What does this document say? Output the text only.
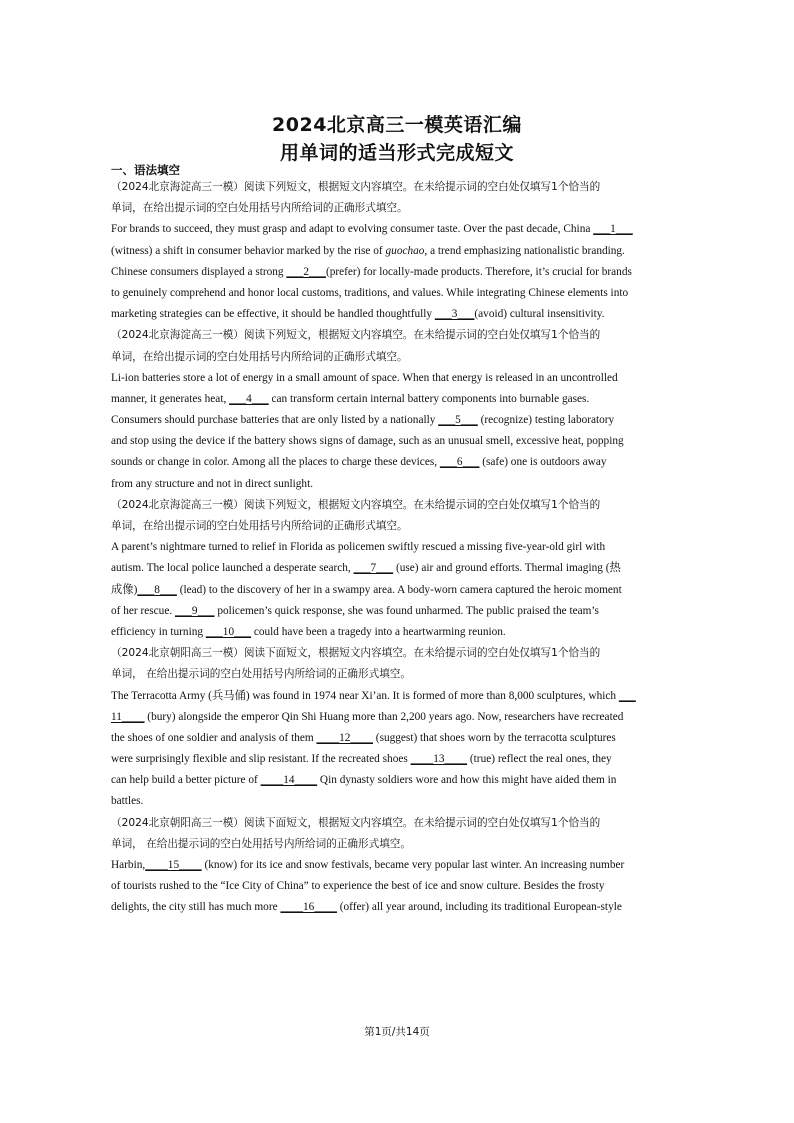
2024北京高三一模英语汇编
用单词的适当形式完成短文
一、语法填空
（2024北京海淀高三一模）阅读下列短文，根据短文内容填空。在未给提示词的空白处仅填写1个恰当的
单词，在给出提示词的空白处用括号内所给词的正确形式填空。
For brands to succeed, they must grasp and adapt to evolving consumer taste. Over the past decade, China ___1___
(witness) a shift in consumer behavior marked by the rise of guochao, a trend emphasizing nationalistic branding.
Chinese consumers displayed a strong ___2___(prefer) for locally-made products. Therefore, it’s crucial for brands
to genuinely comprehend and honor local customs, traditions, and values. While integrating Chinese elements into
marketing strategies can be effective, it should be handled thoughtfully ___3___(avoid) cultural insensitivity.
（2024北京海淀高三一模）阅读下列短文，根据短文内容填空。在未给提示词的空白处仅填写1个恰当的
单词，在给出提示词的空白处用括号内所给词的正确形式填空。
Li-ion batteries store a lot of energy in a small amount of space. When that energy is released in an uncontrolled
manner, it generates heat, ___4___ can transform certain internal battery components into burnable gases.
Consumers should purchase batteries that are only listed by a nationally ___5___ (recognize) testing laboratory
and stop using the device if the battery shows signs of damage, such as an unusual smell, excessive heat, popping
sounds or change in color. Among all the places to charge these devices, ___6___ (safe) one is outdoors away
from any structure and not in direct sunlight.
（2024北京海淀高三一模）阅读下列短文，根据短文内容填空。在未给提示词的空白处仅填写1个恰当的
单词，在给出提示词的空白处用括号内所给词的正确形式填空。
A parent’s nightmare turned to relief in Florida as policemen swiftly rescued a missing five-year-old girl with
autism. The local police launched a desperate search, ___7___ (use) air and ground efforts. Thermal imaging (热
成像)___8___ (lead) to the discovery of her in a swampy area. A body-worn camera captured the heroic moment
of her rescue. ___9___ policemen’s quick response, she was found unharmed. The public praised the team’s
efficiency in turning ___10___ could have been a tragedy into a heartwarming reunion.
（2024北京朝阳高三一模）阅读下面短文，根据短文内容填空。在未给提示词的空白处仅填写1个恰当的
单词， 在给出提示词的空白处用括号内所给词的正确形式填空。
The Terracotta Army (兵马俑) was found in 1974 near Xi’an. It is formed of more than 8,000 sculptures, which ___
11____ (bury) alongside the emperor Qin Shi Huang more than 2,200 years ago. Now, researchers have recreated
the shoes of one soldier and analysis of them ____12____ (suggest) that shoes worn by the terracotta sculptures
were surprisingly flexible and slip resistant. If the recreated shoes ____13____ (true) reflect the real ones, they
can help build a better picture of ____14____ Qin dynasty soldiers wore and how this might have aided them in
battles.
（2024北京朝阳高三一模）阅读下面短文，根据短文内容填空。在未给提示词的空白处仅填写1个恰当的
单词， 在给出提示词的空白处用括号内所给词的正确形式填空。
Harbin,____15____ (know) for its ice and snow festivals, became very popular last winter. An increasing number
of tourists rushed to the “Ice City of China” to experience the best of ice and snow culture. Besides the frosty
delights, the city still has much more ____16____ (offer) all year around, including its traditional European-style
第1页/共14页
